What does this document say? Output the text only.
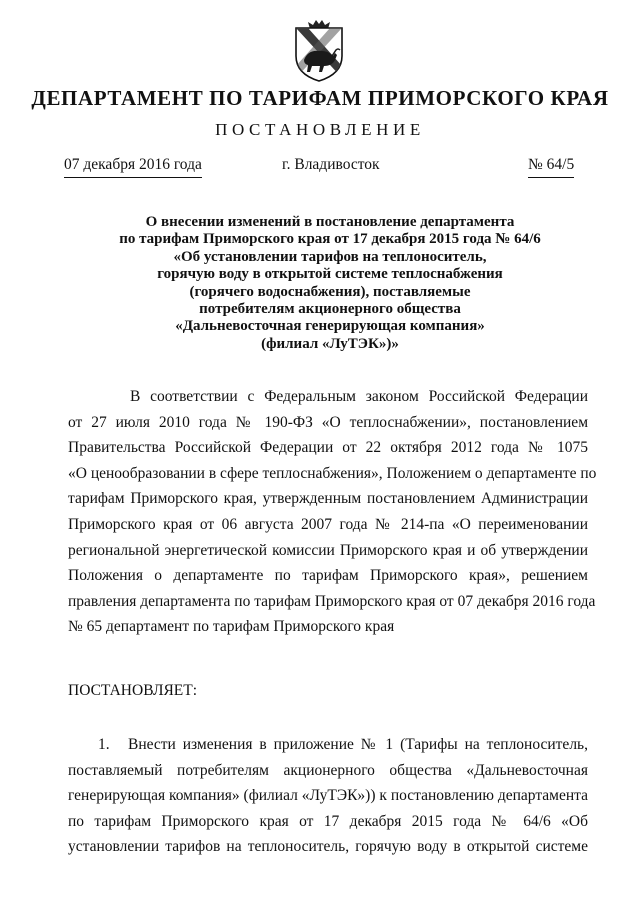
ДЕПАРТАМЕНТ ПО ТАРИФАМ ПРИМОРСКОГО КРАЯ
ПОСТАНОВЛЕНИЕ
07 декабря 2016 года	г. Владивосток	№ 64/5
О внесении изменений в постановление департамента
по тарифам Приморского края от 17 декабря 2015 года № 64/6
«Об установлении тарифов на теплоноситель,
горячую воду в открытой системе теплоснабжения
(горячего водоснабжения), поставляемые
потребителям акционерного общества
«Дальневосточная генерирующая компания»
(филиал «ЛуТЭК»)»
В соответствии с Федеральным законом Российской Федерации
от 27 июля 2010 года № 190-ФЗ «О теплоснабжении», постановлением
Правительства Российской Федерации от 22 октября 2012 года № 1075
«О ценообразовании в сфере теплоснабжения», Положением о департаменте по
тарифам Приморского края, утвержденным постановлением Администрации
Приморского края от 06 августа 2007 года № 214-па «О переименовании
региональной энергетической комиссии Приморского края и об утверждении
Положения о департаменте по тарифам Приморского края», решением
правления департамента по тарифам Приморского края от 07 декабря 2016 года
№ 65 департамент по тарифам Приморского края
ПОСТАНОВЛЯЕТ:
1. Внести изменения в приложение № 1 (Тарифы на теплоноситель,
поставляемый потребителям акционерного общества «Дальневосточная
генерирующая компания» (филиал «ЛуТЭК»)) к постановлению департамента
по тарифам Приморского края от 17 декабря 2015 года № 64/6 «Об
установлении тарифов на теплоноситель, горячую воду в открытой системе
